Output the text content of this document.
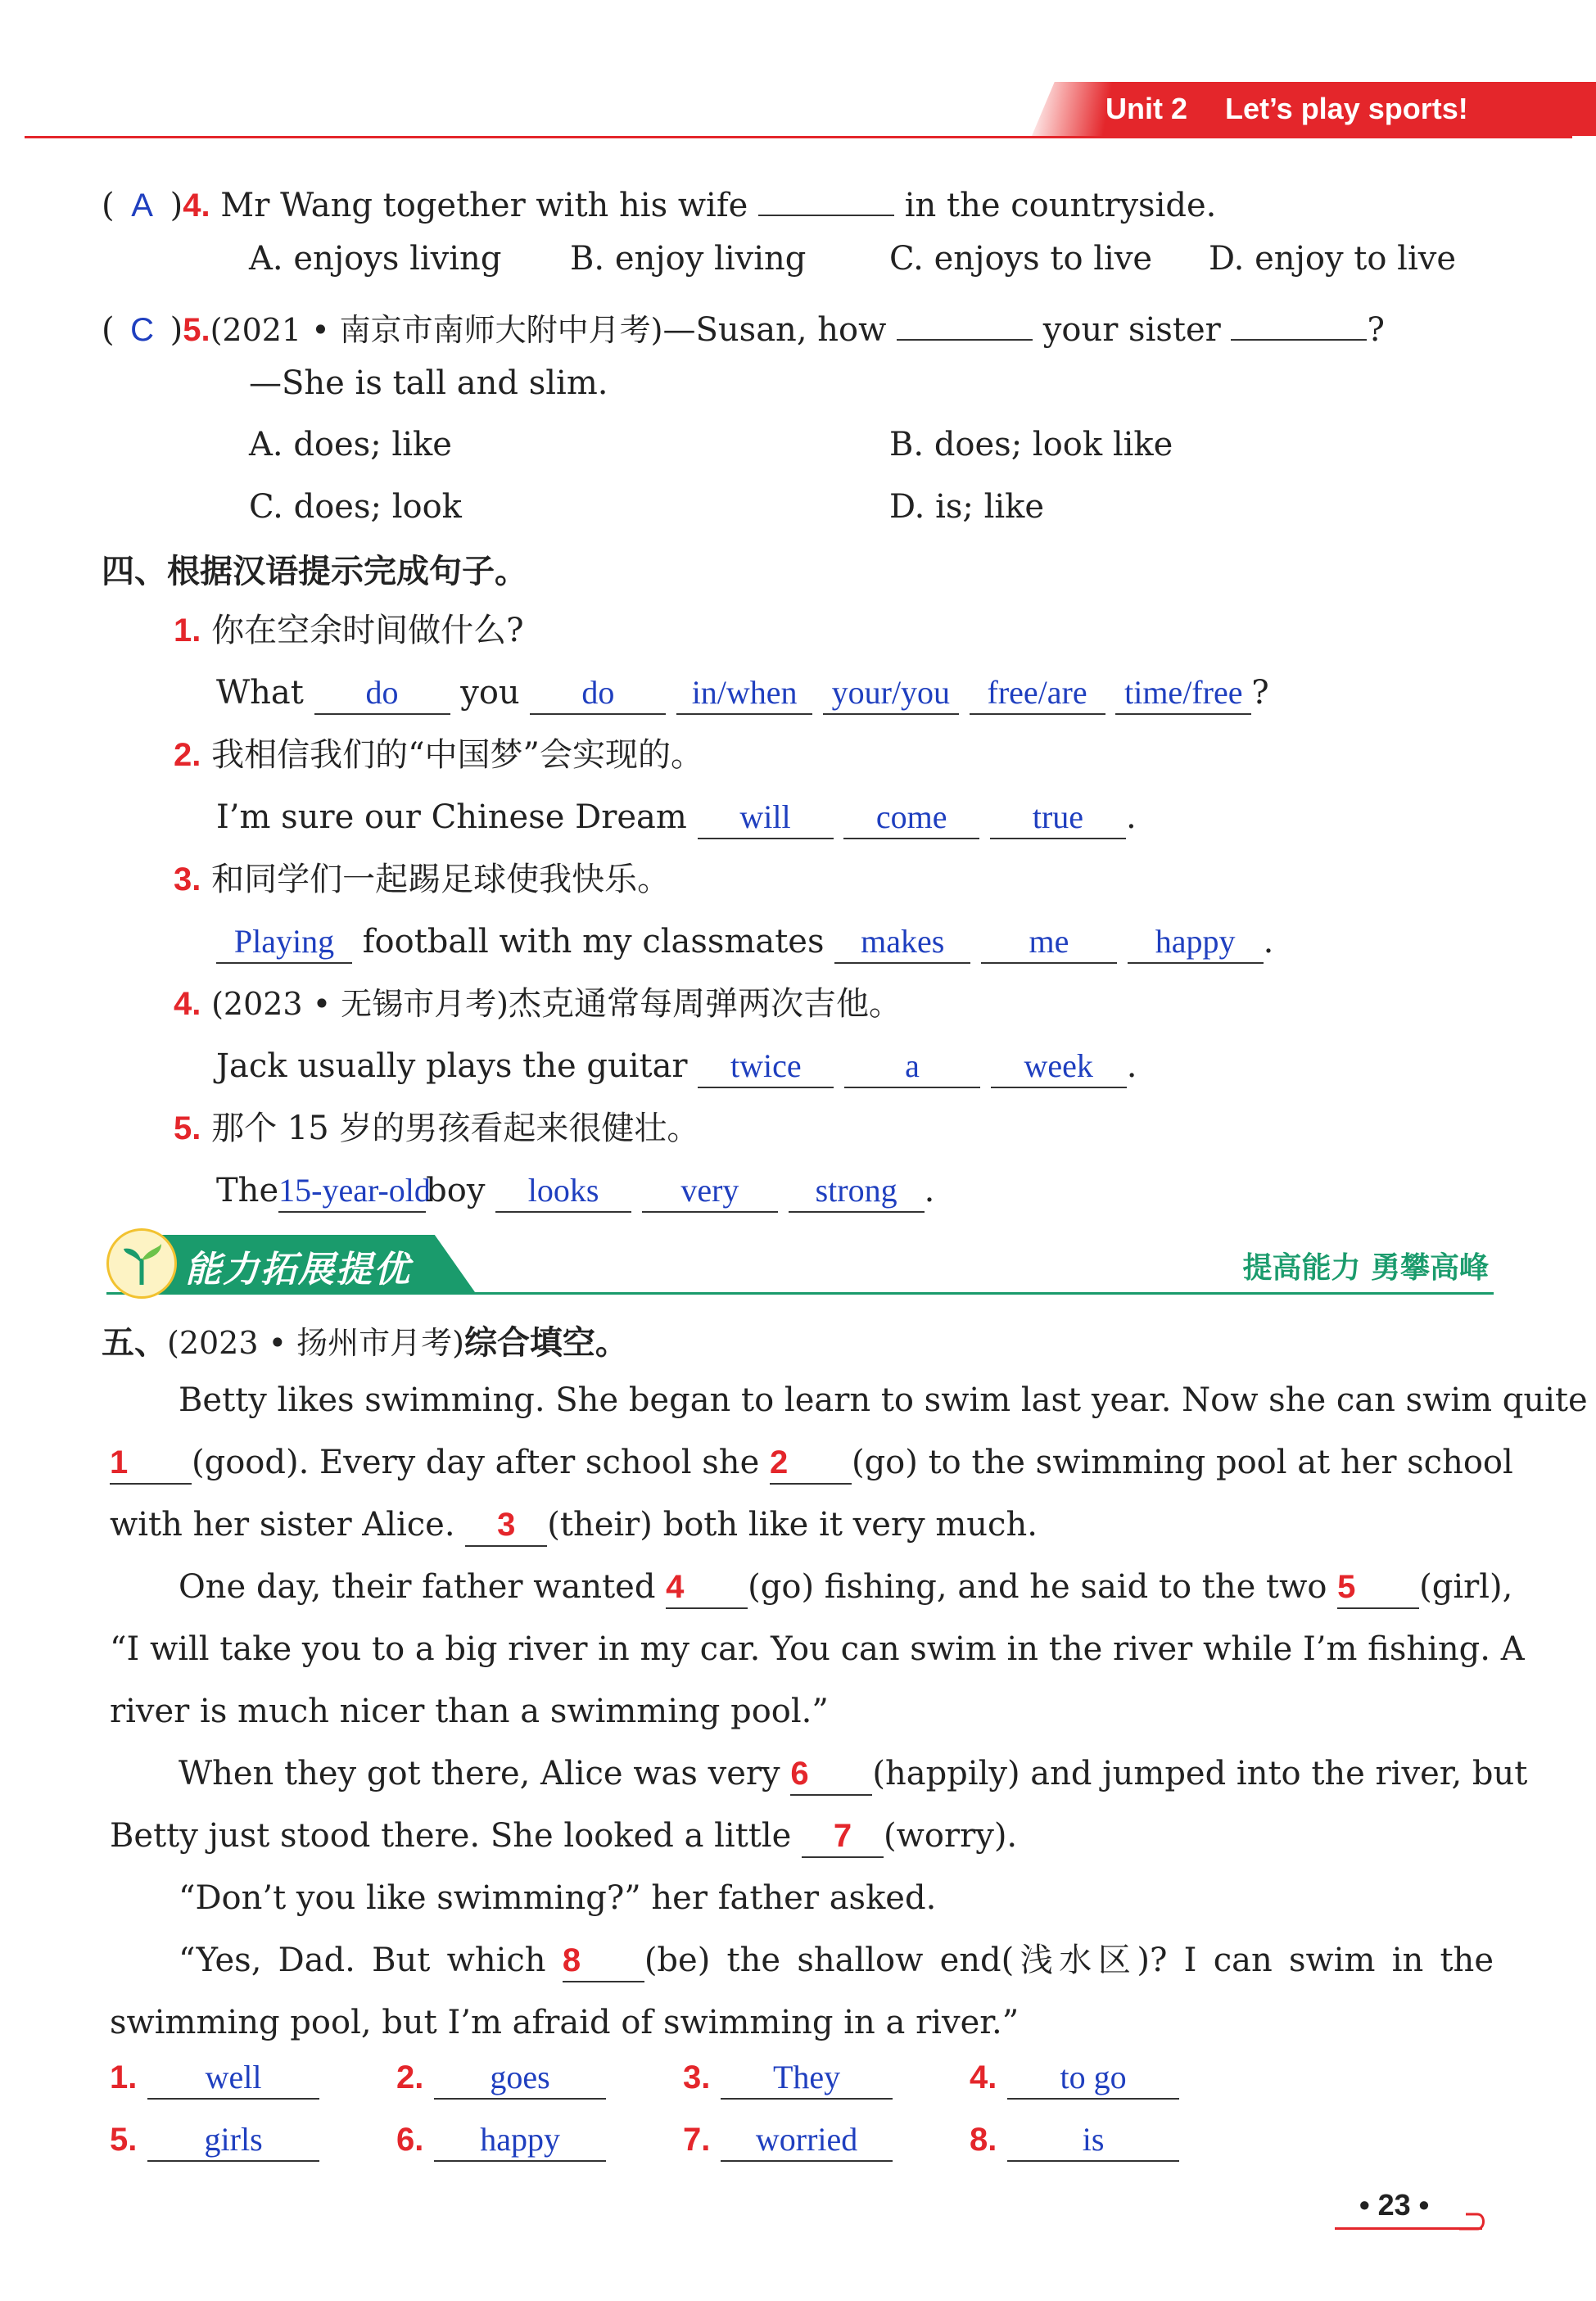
Unit 2 Let’s play sports!
( A )4. Mr Wang together with his wife	in the countryside.
A. enjoys living B. enjoy living	C. enjoys to live D. enjoy to live
( C )5.(2021 • 南京市南师大附中月考)—Susan, how	your sister	?
—She is tall and slim.
A. does; like	B. does; look like
C. does; look	D. is; like
四、根据汉语提示完成句子。
1. 你在空余时间做什么?
What do you do in/when your/you free/are time/free ?
2. 我相信我们的“中国梦”会实现的。
I’m sure our Chinese Dream will	come	true .
3. 和同学们一起踢足球使我快乐。
Playing football with my classmates makes	me	happy .
4. (2023 • 无锡市月考)杰克通常每周弹两次吉他。
Jack usually plays the guitar twice	a	week .
5. 那个 15 岁的男孩看起来很健壮。
The15-year-oldboy looks very strong .
能力拓展提优	提高能力 勇攀高峰
五、(2023 • 扬州市月考)综合填空。
Betty likes swimming. She began to learn to swim last year. Now she can swim quite
1 (good). Every day after school she 2 (go) to the swimming pool at her school
with her sister Alice. 3 (their) both like it very much.
One day, their father wanted 4 (go) fishing, and he said to the two 5 (girl),
“I will take you to a big river in my car. You can swim in the river while I’m fishing. A
river is much nicer than a swimming pool.”
When they got there, Alice was very 6 (happily) and jumped into the river, but
Betty just stood there. She looked a little 7 (worry).
“Don’t you like swimming?” her father asked.
“Yes, Dad. But which 8 (be) the shallow end(浅水区)? I can swim in the
swimming pool, but I’m afraid of swimming in a river.”
1. well	2. goes	3. They	4. to go
5. girls	6. happy	7. worried	8.	is
• 23 •
